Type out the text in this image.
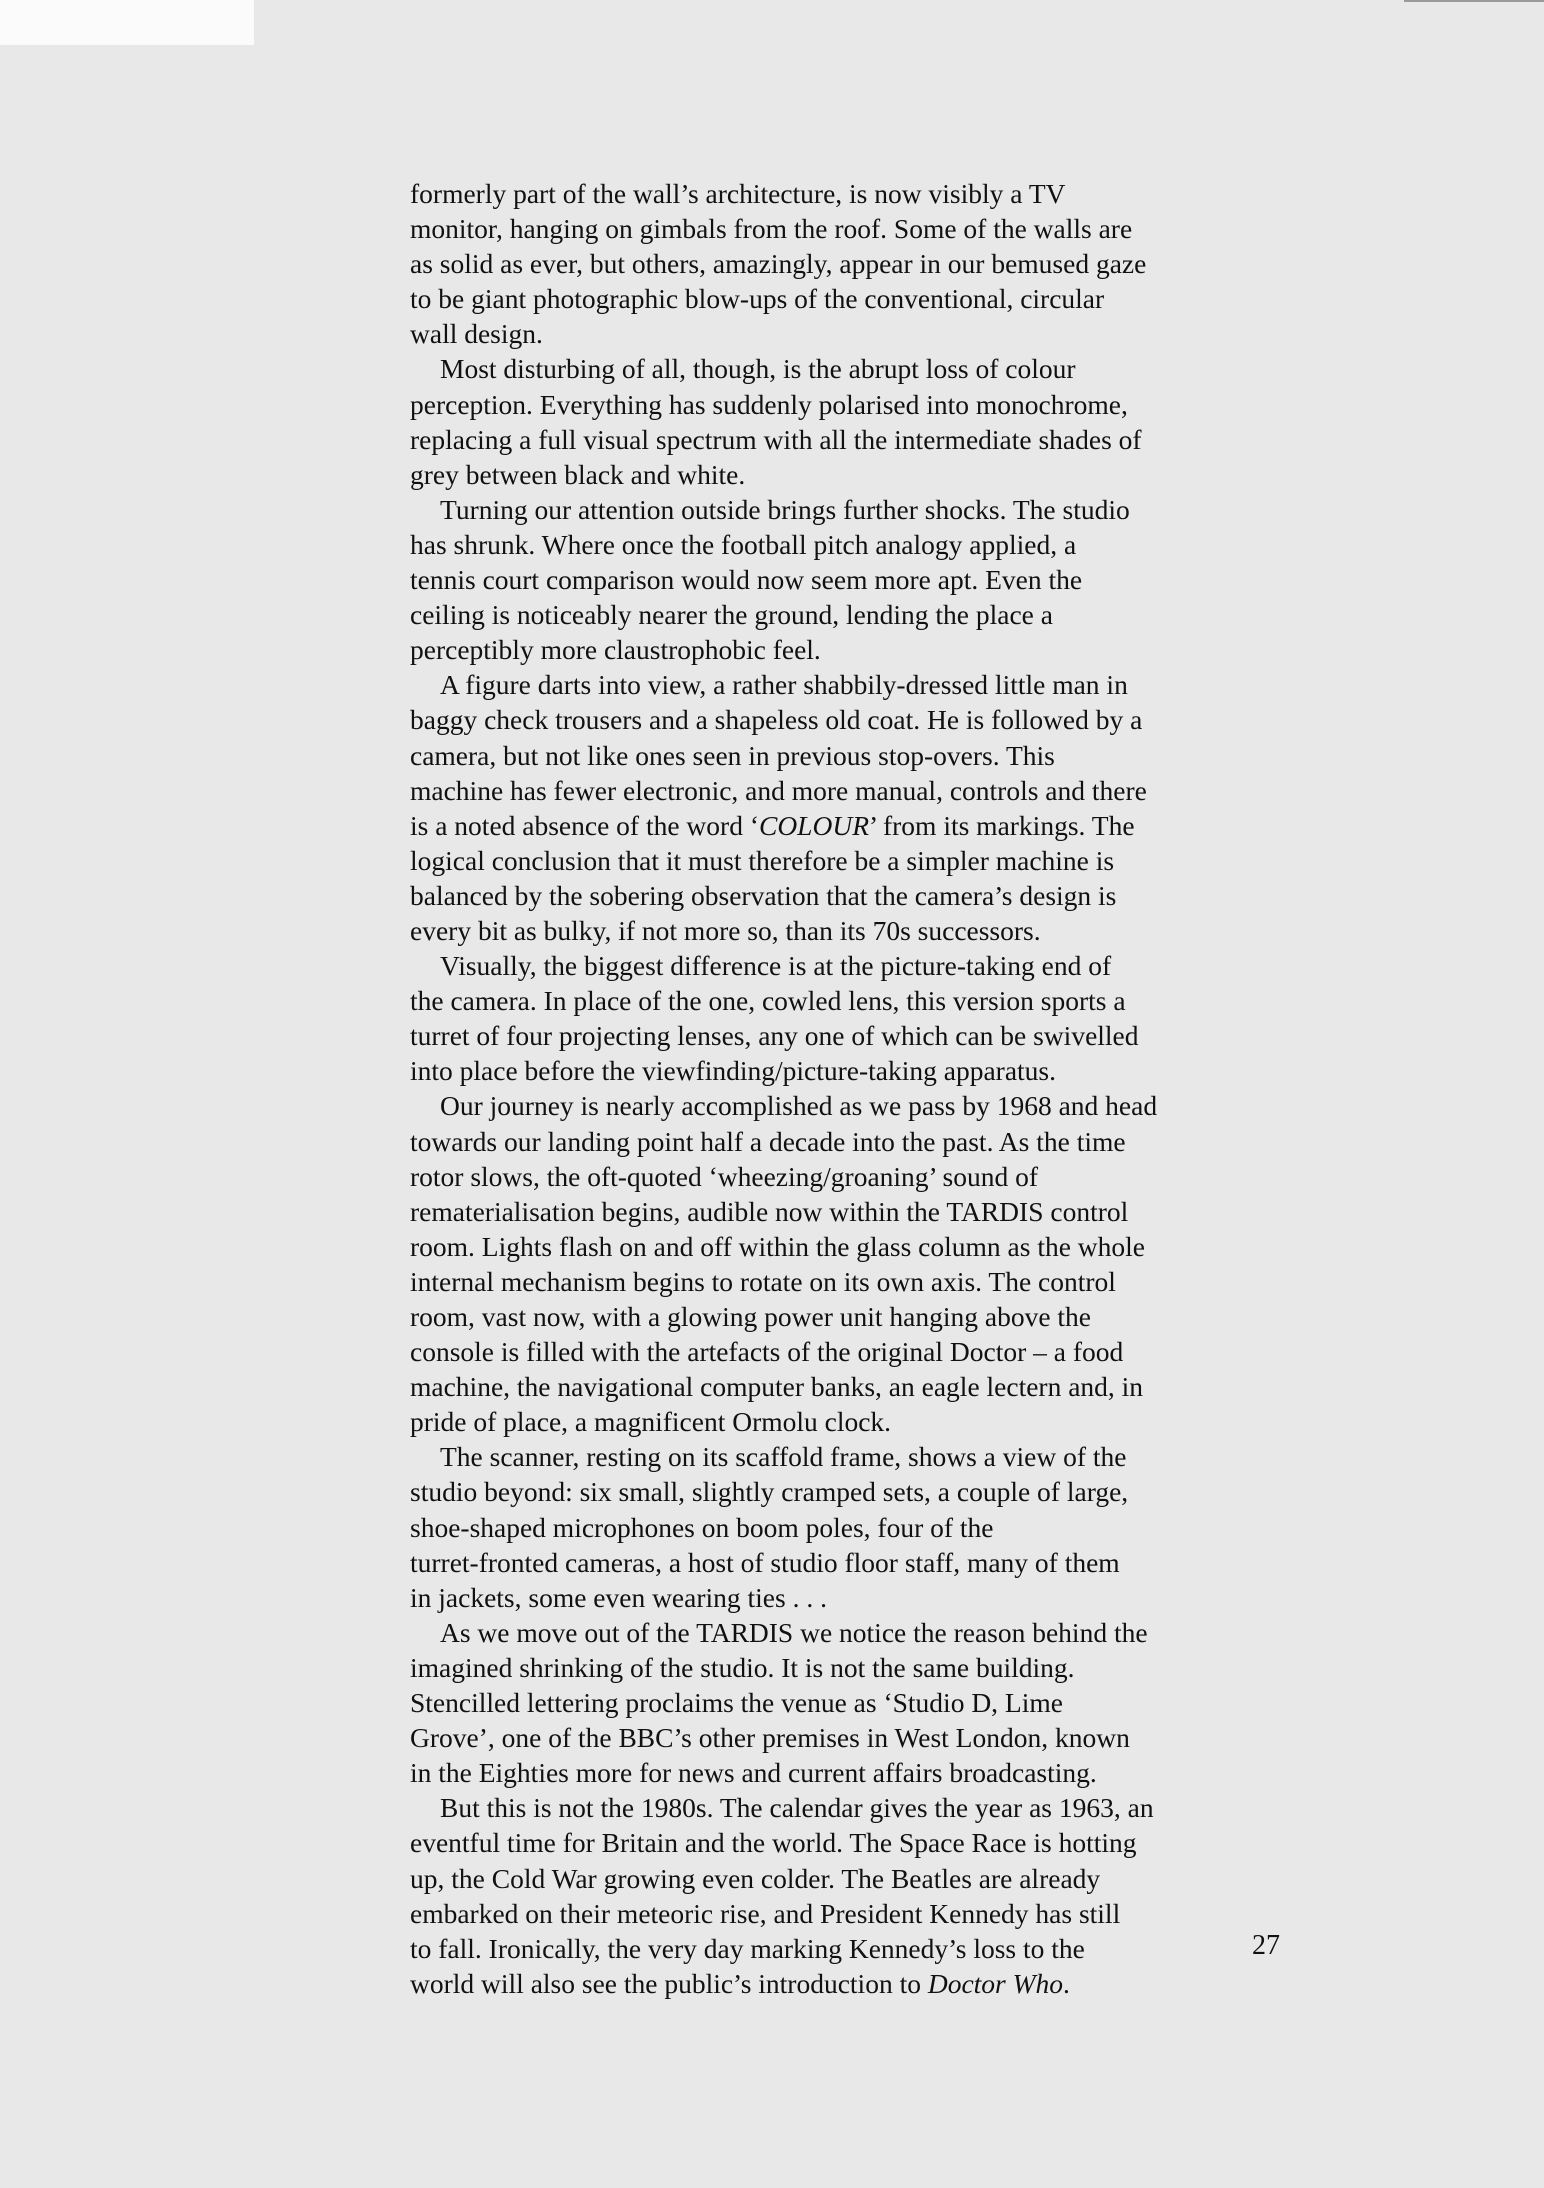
formerly part of the wall’s architecture, is now visibly a TV
monitor, hanging on gimbals from the roof. Some of the walls are
as solid as ever, but others, amazingly, appear in our bemused gaze
to be giant photographic blow-ups of the conventional, circular
wall design.
Most disturbing of all, though, is the abrupt loss of colour
perception. Everything has suddenly polarised into monochrome,
replacing a full visual spectrum with all the intermediate shades of
grey between black and white.
Turning our attention outside brings further shocks. The studio
has shrunk. Where once the football pitch analogy applied, a
tennis court comparison would now seem more apt. Even the
ceiling is noticeably nearer the ground, lending the place a
perceptibly more claustrophobic feel.
A figure darts into view, a rather shabbily-dressed little man in
baggy check trousers and a shapeless old coat. He is followed by a
camera, but not like ones seen in previous stop-overs. This
machine has fewer electronic, and more manual, controls and there
is a noted absence of the word ‘COLOUR’ from its markings. The
logical conclusion that it must therefore be a simpler machine is
balanced by the sobering observation that the camera’s design is
every bit as bulky, if not more so, than its 70s successors.
Visually, the biggest difference is at the picture-taking end of
the camera. In place of the one, cowled lens, this version sports a
turret of four projecting lenses, any one of which can be swivelled
into place before the viewfinding/picture-taking apparatus.
Our journey is nearly accomplished as we pass by 1968 and head
towards our landing point half a decade into the past. As the time
rotor slows, the oft-quoted ‘wheezing/groaning’ sound of
rematerialisation begins, audible now within the TARDIS control
room. Lights flash on and off within the glass column as the whole
internal mechanism begins to rotate on its own axis. The control
room, vast now, with a glowing power unit hanging above the
console is filled with the artefacts of the original Doctor – a food
machine, the navigational computer banks, an eagle lectern and, in
pride of place, a magnificent Ormolu clock.
The scanner, resting on its scaffold frame, shows a view of the
studio beyond: six small, slightly cramped sets, a couple of large,
shoe-shaped microphones on boom poles, four of the
turret-fronted cameras, a host of studio floor staff, many of them
in jackets, some even wearing ties . . .
As we move out of the TARDIS we notice the reason behind the
imagined shrinking of the studio. It is not the same building.
Stencilled lettering proclaims the venue as ‘Studio D, Lime
Grove’, one of the BBC’s other premises in West London, known
in the Eighties more for news and current affairs broadcasting.
But this is not the 1980s. The calendar gives the year as 1963, an
eventful time for Britain and the world. The Space Race is hotting
up, the Cold War growing even colder. The Beatles are already
embarked on their meteoric rise, and President Kennedy has still
to fall. Ironically, the very day marking Kennedy’s loss to the
world will also see the public’s introduction to Doctor Who.
27
